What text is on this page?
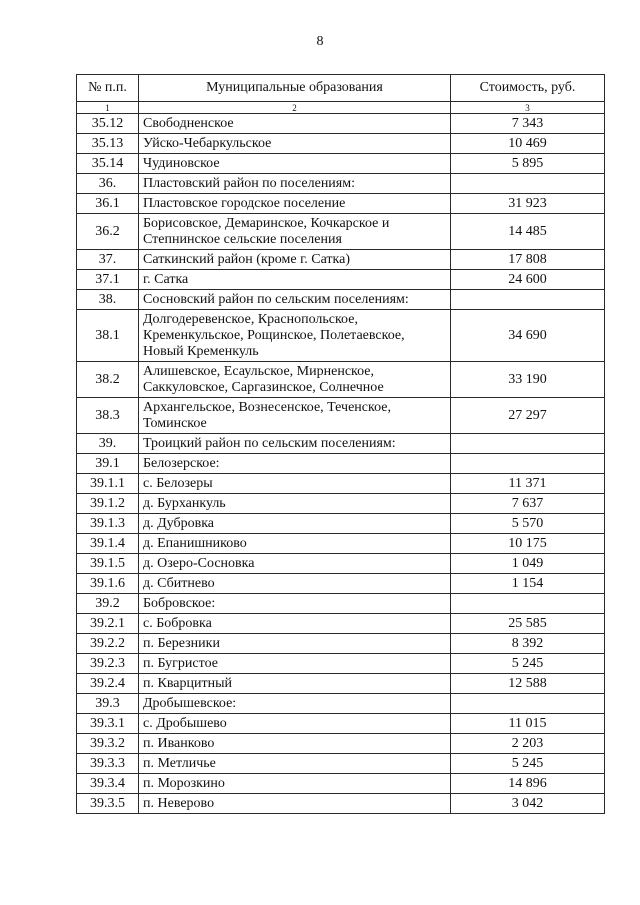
8
№ п.п.	Муниципальные образования	Стоимость, руб.
1	2	3
35.12	Свободненское	7 343
35.13	Уйско-Чебаркульское	10 469
35.14	Чудиновское	5 895
36.	Пластовский район по поселениям:	
36.1	Пластовское городское поселение	31 923
36.2	Борисовское, Демаринское, Кочкарское и Степнинское сельские поселения	14 485
37.	Саткинский район (кроме г. Сатка)	17 808
37.1	г. Сатка	24 600
38.	Сосновский район по сельским поселениям:	
38.1	Долгодеревенское, Краснопольское, Кременкульское, Рощинское, Полетаевское, Новый Кременкуль	34 690
38.2	Алишевское, Есаульское, Мирненское, Саккуловское, Саргазинское, Солнечное	33 190
38.3	Архангельское, Вознесенское, Теченское, Томинское	27 297
39.	Троицкий район по сельским поселениям:	
39.1	Белозерское:	
39.1.1	с. Белозеры	11 371
39.1.2	д. Бурханкуль	7 637
39.1.3	д. Дубровка	5 570
39.1.4	д. Епанишниково	10 175
39.1.5	д. Озеро-Сосновка	1 049
39.1.6	д. Сбитнево	1 154
39.2	Бобровское:	
39.2.1	с. Бобровка	25 585
39.2.2	п. Березники	8 392
39.2.3	п. Бугристое	5 245
39.2.4	п. Кварцитный	12 588
39.3	Дробышевское:	
39.3.1	с. Дробышево	11 015
39.3.2	п. Иванково	2 203
39.3.3	п. Метличье	5 245
39.3.4	п. Морозкино	14 896
39.3.5	п. Неверово	3 042
